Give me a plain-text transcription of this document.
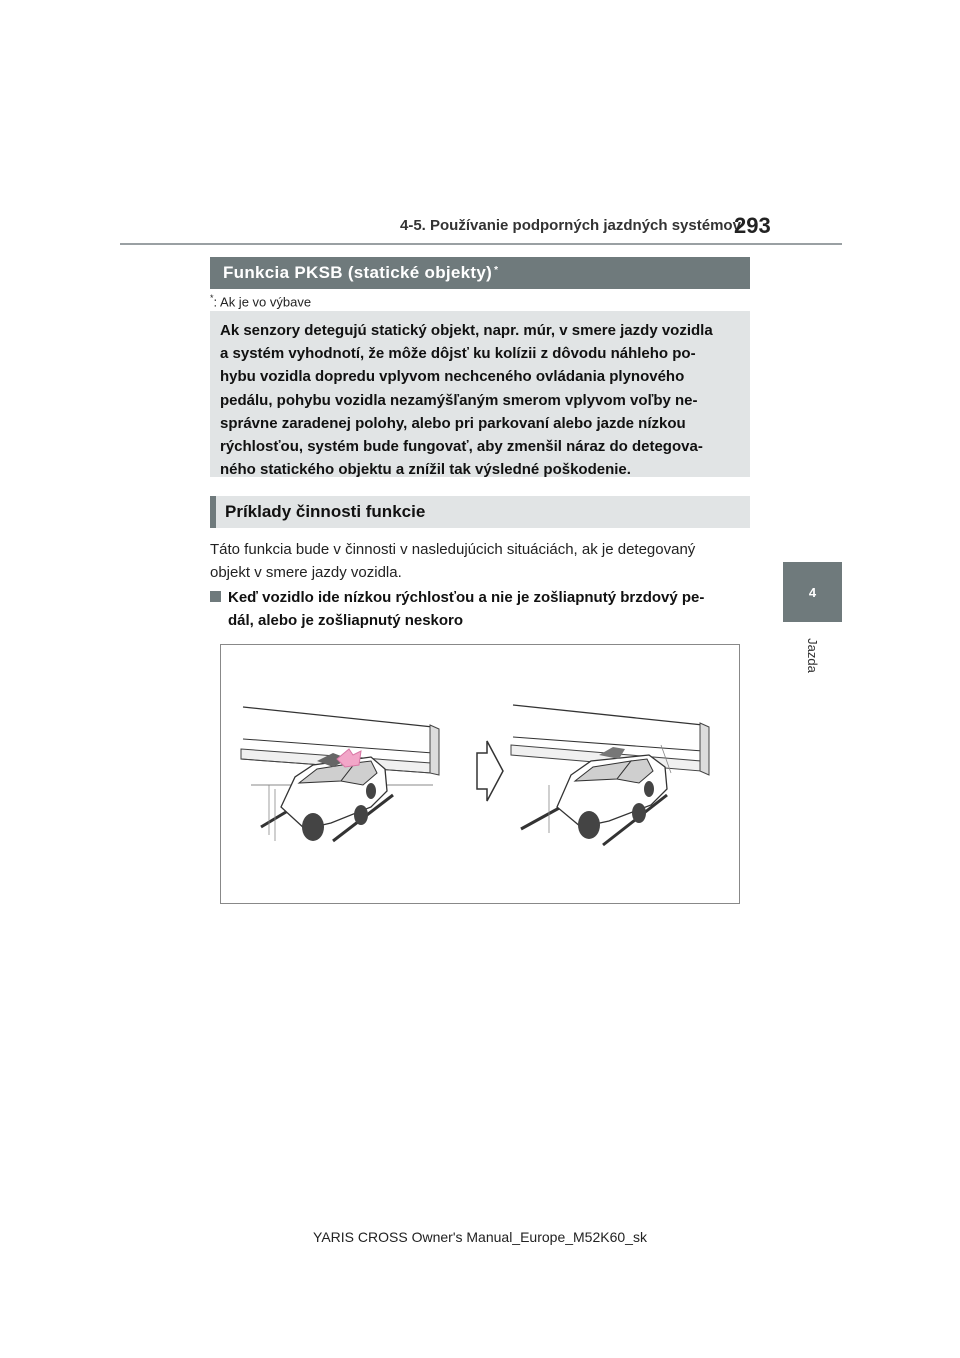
4-5. Používanie podporných jazdných systémov
293
4
Jazda
Funkcia PKSB (statické objekty)*
*: Ak je vo výbave
Ak senzory detegujú statický objekt, napr. múr, v smere jazdy vozidla
a systém vyhodnotí, že môže dôjsť ku kolízii z dôvodu náhleho po-
hybu vozidla dopredu vplyvom nechceného ovládania plynového
pedálu, pohybu vozidla nezamýšľaným smerom vplyvom voľby ne-
správne zaradenej polohy, alebo pri parkovaní alebo jazde nízkou
rýchlosťou, systém bude fungovať, aby zmenšil náraz do detegova-
ného statického objektu a znížil tak výsledné poškodenie.
Príklady činnosti funkcie
Táto funkcia bude v činnosti v nasledujúcich situáciách, ak je detegovaný
objekt v smere jazdy vozidla.
Keď vozidlo ide nízkou rýchlosťou a nie je zošliapnutý brzdový pe-
dál, alebo je zošliapnutý neskoro
YARIS CROSS Owner's Manual_Europe_M52K60_sk
